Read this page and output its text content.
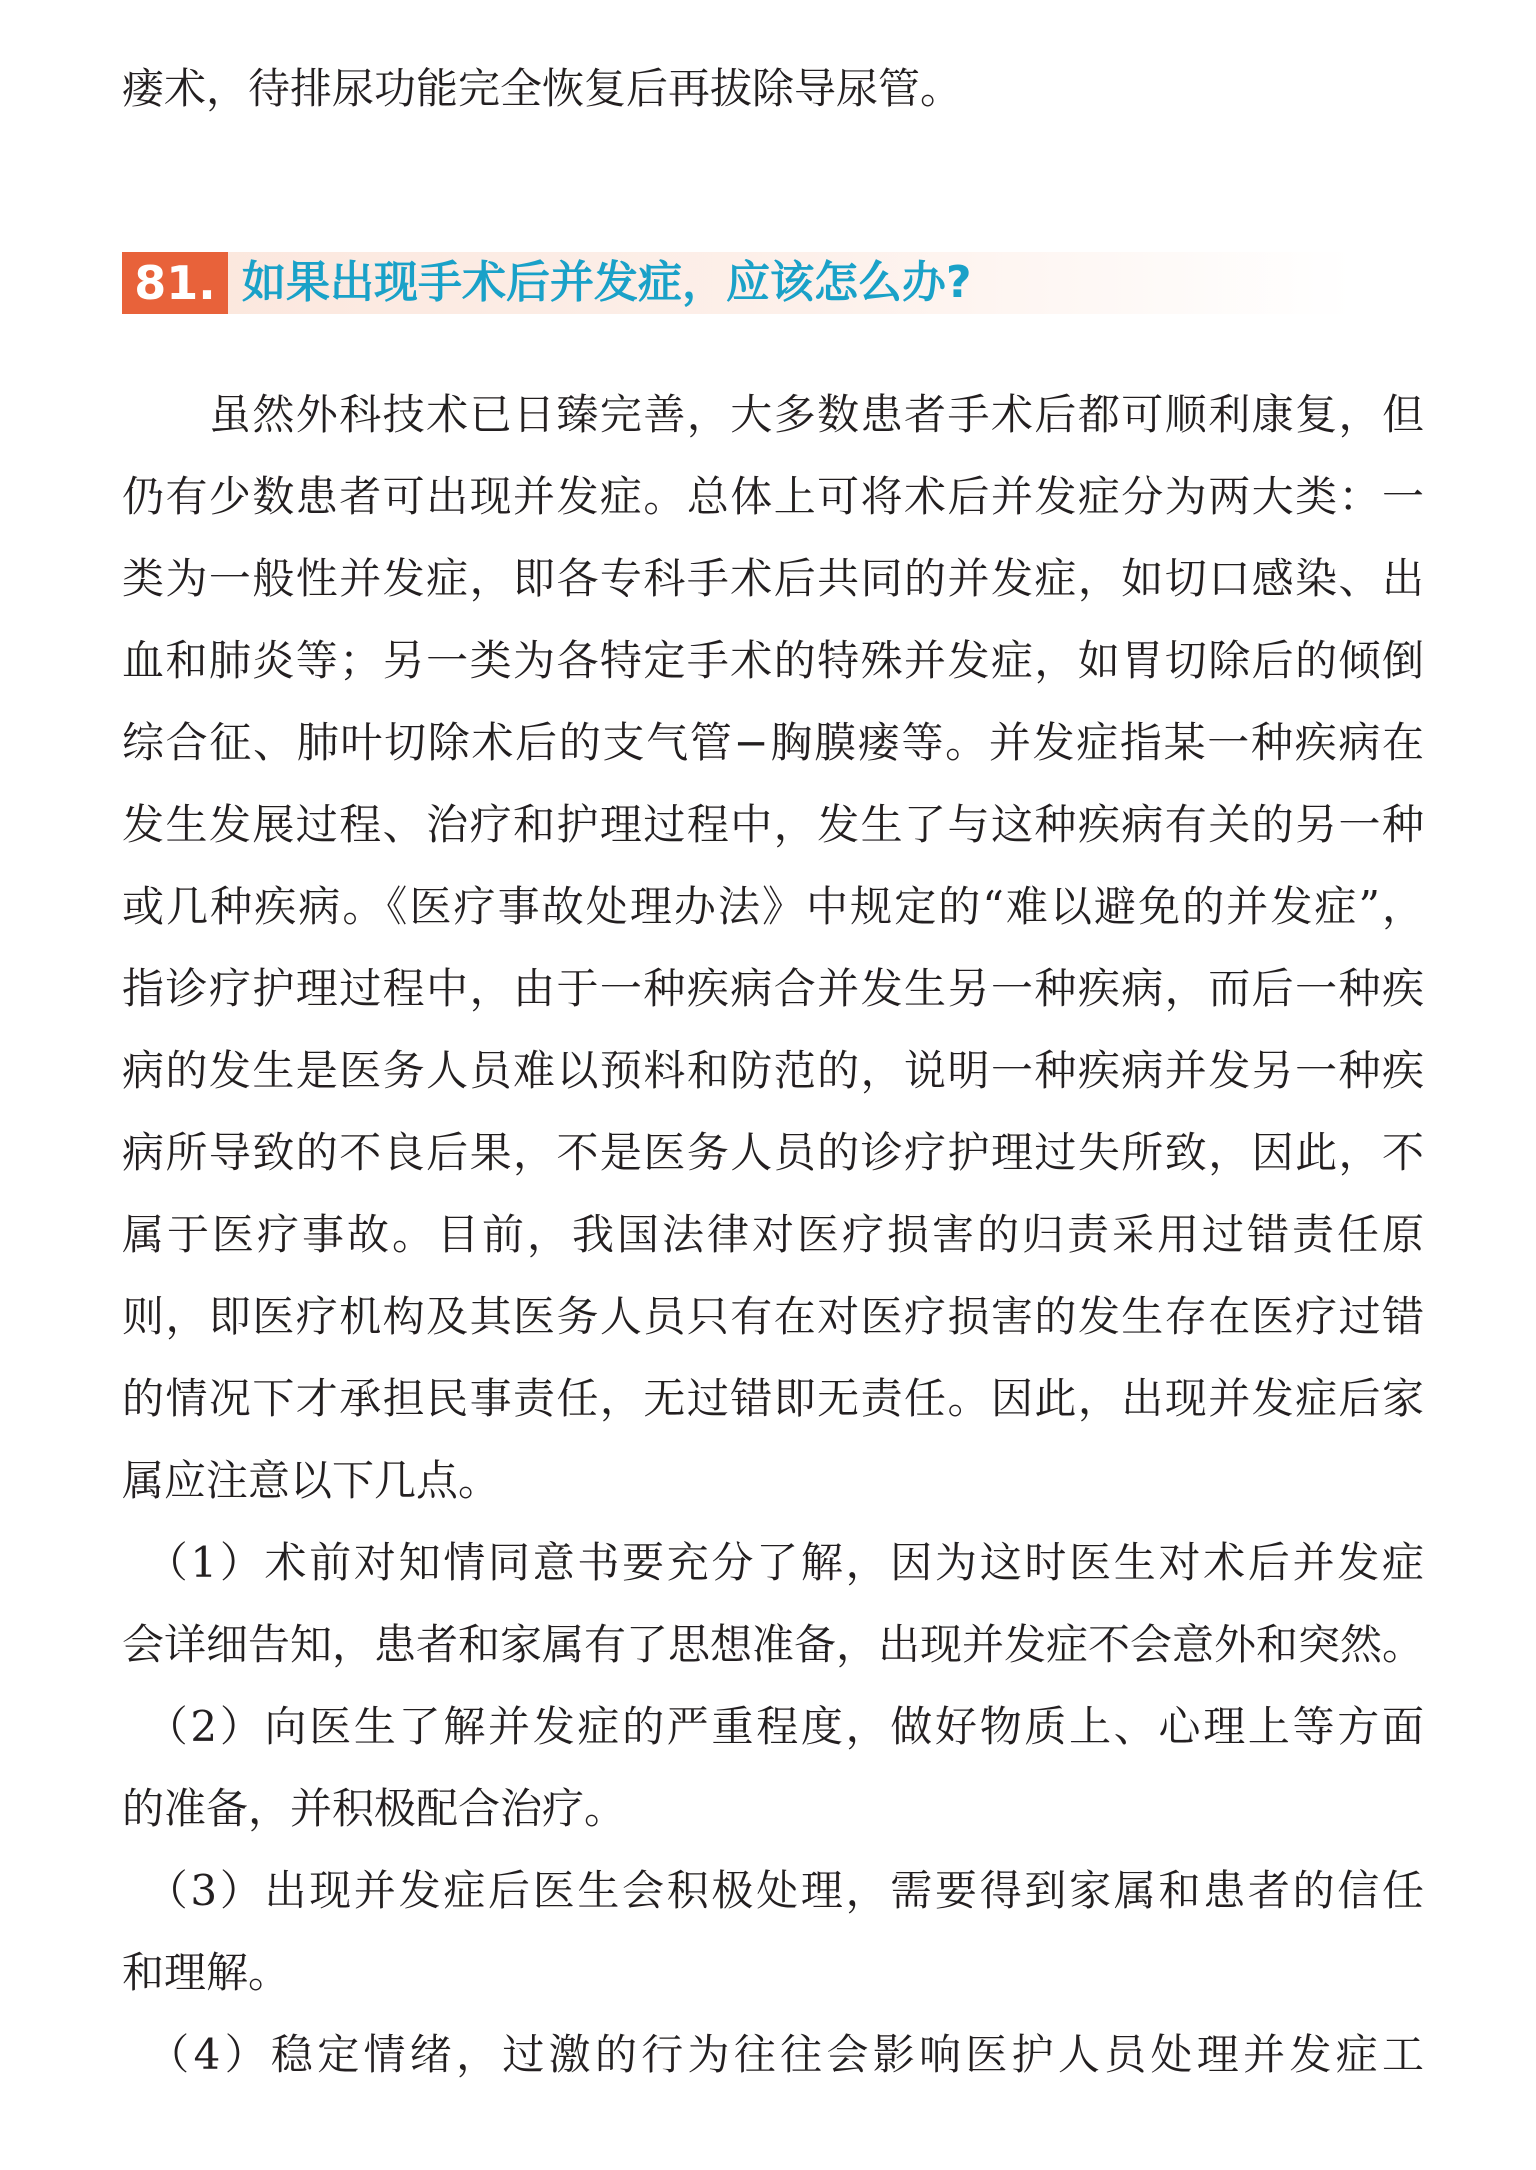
瘘术，待排尿功能完全恢复后再拔除导尿管。
81. 如果出现手术后并发症，应该怎么办?
　　虽然外科技术已日臻完善，大多数患者手术后都可顺利康复，但
仍有少数患者可出现并发症。总体上可将术后并发症分为两大类：一
类为一般性并发症，即各专科手术后共同的并发症，如切口感染、出
血和肺炎等；另一类为各特定手术的特殊并发症，如胃切除后的倾倒
综合征、肺叶切除术后的支气管−胸膜瘘等。并发症指某一种疾病在
发生发展过程、治疗和护理过程中，发生了与这种疾病有关的另一种
或几种疾病。《医疗事故处理办法》中规定的“难以避免的并发症”，
指诊疗护理过程中，由于一种疾病合并发生另一种疾病，而后一种疾
病的发生是医务人员难以预料和防范的，说明一种疾病并发另一种疾
病所导致的不良后果，不是医务人员的诊疗护理过失所致，因此，不
属于医疗事故。目前，我国法律对医疗损害的归责采用过错责任原
则，即医疗机构及其医务人员只有在对医疗损害的发生存在医疗过错
的情况下才承担民事责任，无过错即无责任。因此，出现并发症后家
属应注意以下几点。
　（1）术前对知情同意书要充分了解，因为这时医生对术后并发症
会详细告知，患者和家属有了思想准备，出现并发症不会意外和突然。
　（2）向医生了解并发症的严重程度，做好物质上、心理上等方面
的准备，并积极配合治疗。
　（3）出现并发症后医生会积极处理，需要得到家属和患者的信任
和理解。
　（4）稳定情绪，过激的行为往往会影响医护人员处理并发症工
